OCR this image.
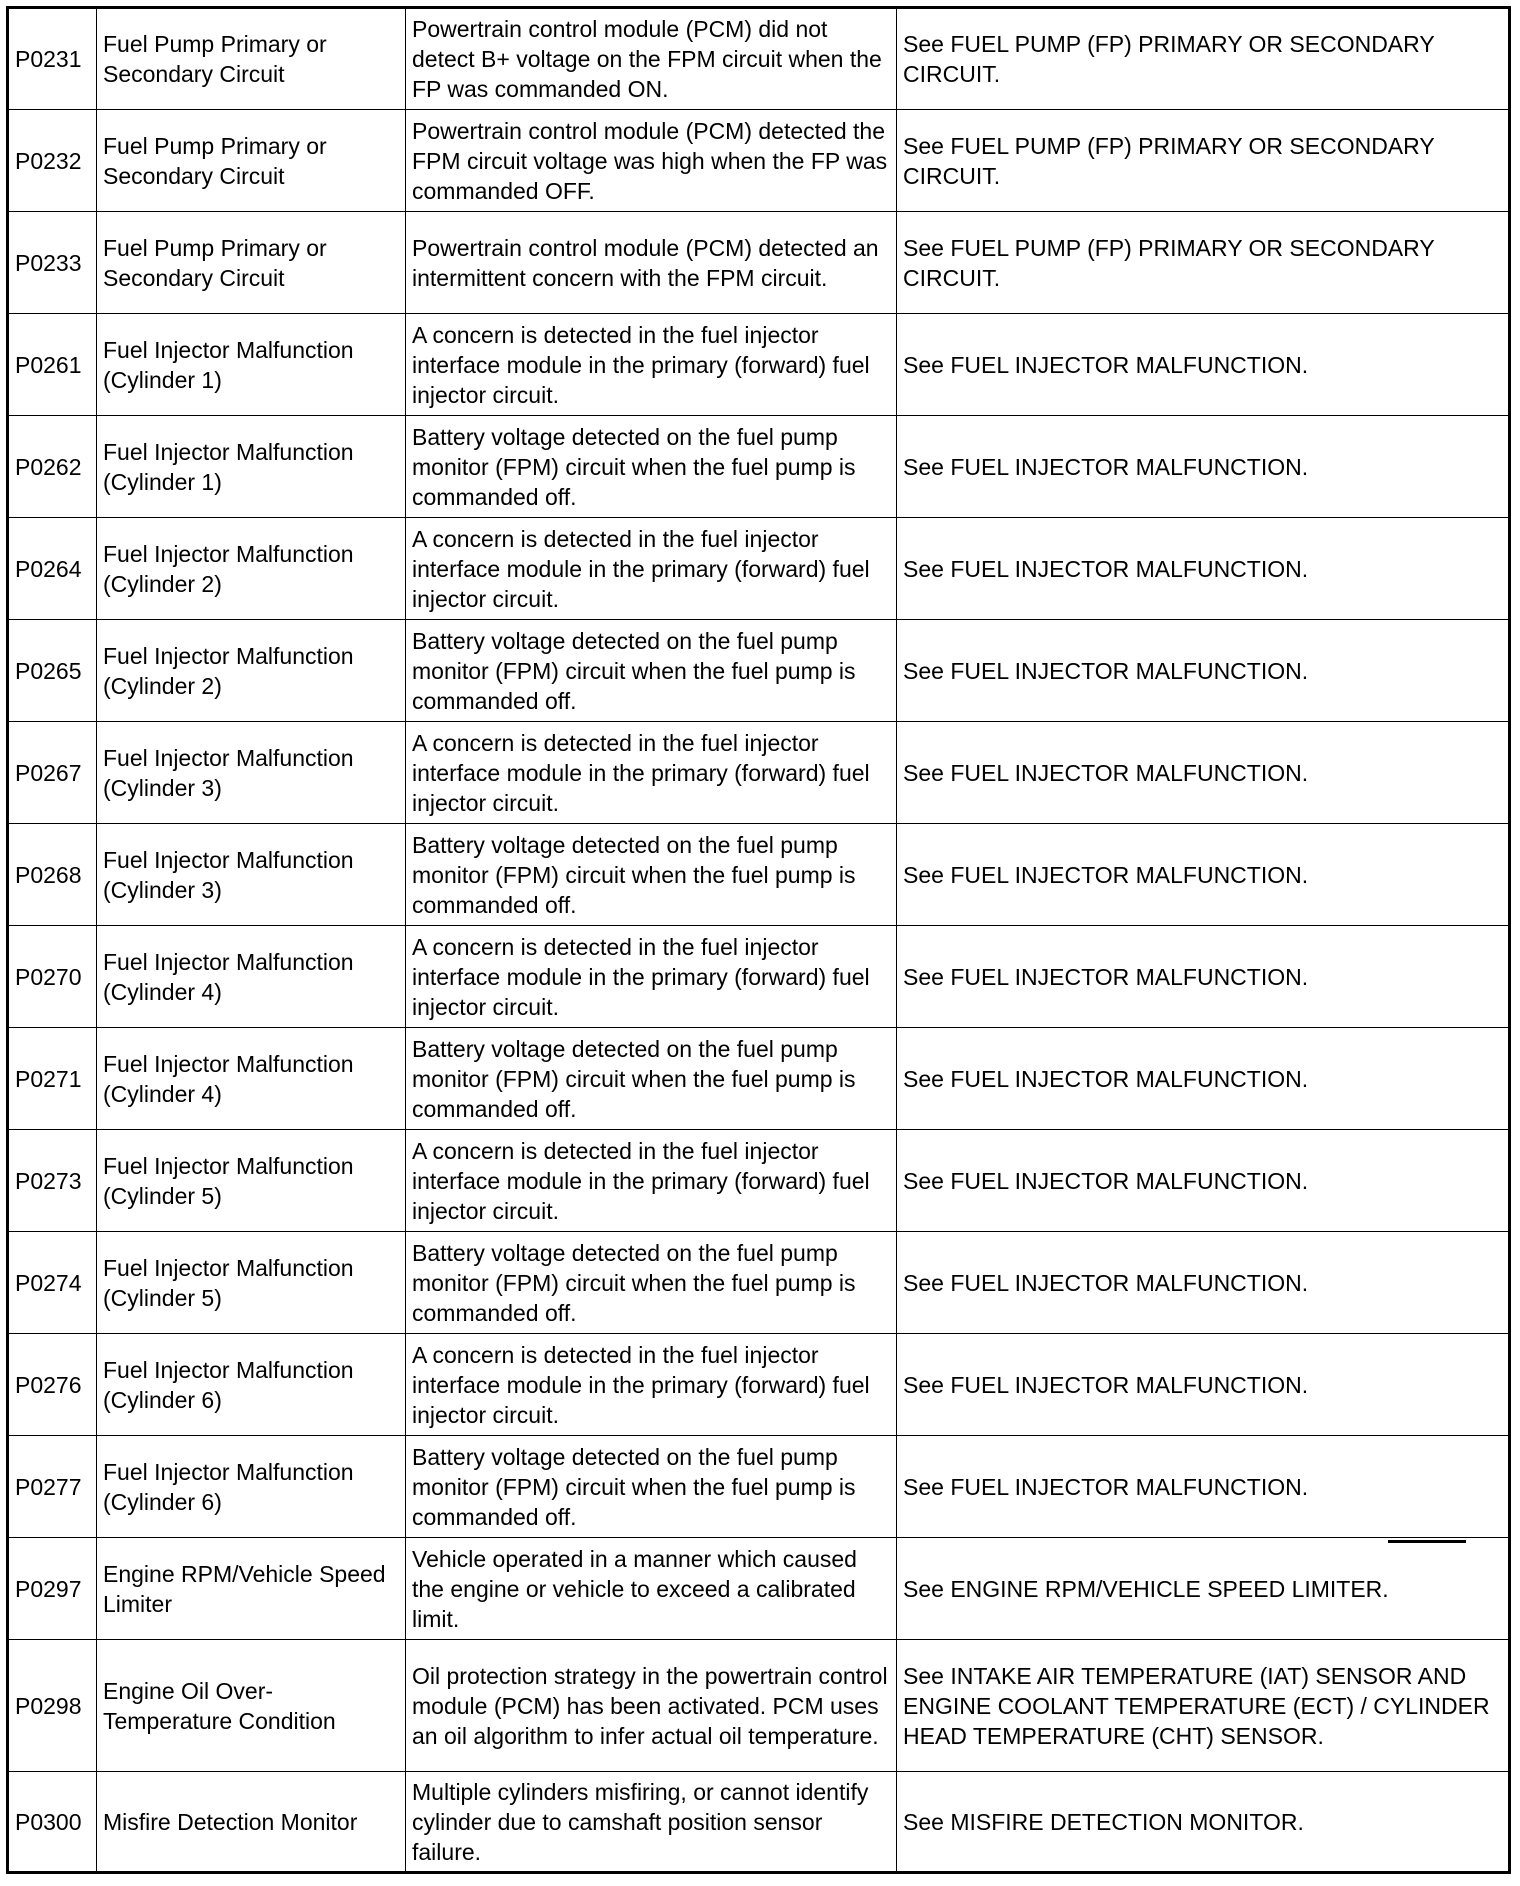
P0231	Fuel Pump Primary or Secondary Circuit	Powertrain control module (PCM) did not detect B+ voltage on the FPM circuit when the FP was commanded ON.	See FUEL PUMP (FP) PRIMARY OR SECONDARY CIRCUIT.
P0232	Fuel Pump Primary or Secondary Circuit	Powertrain control module (PCM) detected the FPM circuit voltage was high when the FP was commanded OFF.	See FUEL PUMP (FP) PRIMARY OR SECONDARY CIRCUIT.
P0233	Fuel Pump Primary or Secondary Circuit	Powertrain control module (PCM) detected an intermittent concern with the FPM circuit.	See FUEL PUMP (FP) PRIMARY OR SECONDARY CIRCUIT.
P0261	Fuel Injector Malfunction (Cylinder 1)	A concern is detected in the fuel injector interface module in the primary (forward) fuel injector circuit.	See FUEL INJECTOR MALFUNCTION.
P0262	Fuel Injector Malfunction (Cylinder 1)	Battery voltage detected on the fuel pump monitor (FPM) circuit when the fuel pump is commanded off.	See FUEL INJECTOR MALFUNCTION.
P0264	Fuel Injector Malfunction (Cylinder 2)	A concern is detected in the fuel injector interface module in the primary (forward) fuel injector circuit.	See FUEL INJECTOR MALFUNCTION.
P0265	Fuel Injector Malfunction (Cylinder 2)	Battery voltage detected on the fuel pump monitor (FPM) circuit when the fuel pump is commanded off.	See FUEL INJECTOR MALFUNCTION.
P0267	Fuel Injector Malfunction (Cylinder 3)	A concern is detected in the fuel injector interface module in the primary (forward) fuel injector circuit.	See FUEL INJECTOR MALFUNCTION.
P0268	Fuel Injector Malfunction (Cylinder 3)	Battery voltage detected on the fuel pump monitor (FPM) circuit when the fuel pump is commanded off.	See FUEL INJECTOR MALFUNCTION.
P0270	Fuel Injector Malfunction (Cylinder 4)	A concern is detected in the fuel injector interface module in the primary (forward) fuel injector circuit.	See FUEL INJECTOR MALFUNCTION.
P0271	Fuel Injector Malfunction (Cylinder 4)	Battery voltage detected on the fuel pump monitor (FPM) circuit when the fuel pump is commanded off.	See FUEL INJECTOR MALFUNCTION.
P0273	Fuel Injector Malfunction (Cylinder 5)	A concern is detected in the fuel injector interface module in the primary (forward) fuel injector circuit.	See FUEL INJECTOR MALFUNCTION.
P0274	Fuel Injector Malfunction (Cylinder 5)	Battery voltage detected on the fuel pump monitor (FPM) circuit when the fuel pump is commanded off.	See FUEL INJECTOR MALFUNCTION.
P0276	Fuel Injector Malfunction (Cylinder 6)	A concern is detected in the fuel injector interface module in the primary (forward) fuel injector circuit.	See FUEL INJECTOR MALFUNCTION.
P0277	Fuel Injector Malfunction (Cylinder 6)	Battery voltage detected on the fuel pump monitor (FPM) circuit when the fuel pump is commanded off.	See FUEL INJECTOR MALFUNCTION.
P0297	Engine RPM/Vehicle Speed Limiter	Vehicle operated in a manner which caused the engine or vehicle to exceed a calibrated limit.	See ENGINE RPM/VEHICLE SPEED LIMITER.
P0298	Engine Oil Over-Temperature Condition	Oil protection strategy in the powertrain control module (PCM) has been activated. PCM uses an oil algorithm to infer actual oil temperature.	See INTAKE AIR TEMPERATURE (IAT) SENSOR AND ENGINE COOLANT TEMPERATURE (ECT) / CYLINDER HEAD TEMPERATURE (CHT) SENSOR.
P0300	Misfire Detection Monitor	Multiple cylinders misfiring, or cannot identify cylinder due to camshaft position sensor failure.	See MISFIRE DETECTION MONITOR.
